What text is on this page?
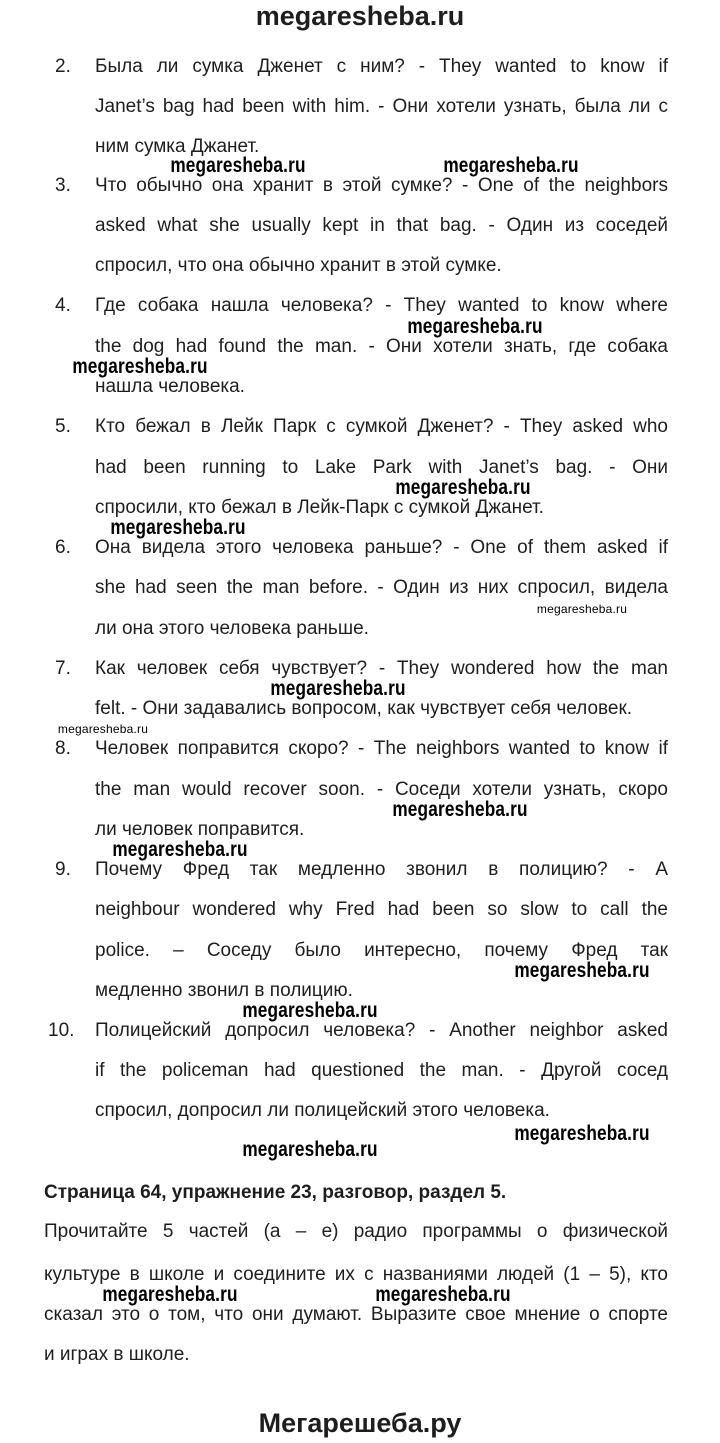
megaresheba.ru
2. Была ли сумка Дженет с ним? - They wanted to know if
Janet’s bag had been with him. - Они хотели узнать, была ли с
ним сумка Джанет.
3. Что обычно она хранит в этой сумке? - One of the neighbors
asked what she usually kept in that bag. - Один из соседей
спросил, что она обычно хранит в этой сумке.
4. Где собака нашла человека? - They wanted to know where
the dog had found the man. - Они хотели знать, где собака
нашла человека.
5. Кто бежал в Лейк Парк с сумкой Дженет? - They asked who
had been running to Lake Park with Janet’s bag. - Они
спросили, кто бежал в Лейк-Парк с сумкой Джанет.
6. Она видела этого человека раньше? - One of them asked if
she had seen the man before. - Один из них спросил, видела
ли она этого человека раньше.
7. Как человек себя чувствует? - They wondered how the man
felt. - Они задавались вопросом, как чувствует себя человек.
8. Человек поправится скоро? - The neighbors wanted to know if
the man would recover soon. - Соседи хотели узнать, скоро
ли человек поправится.
9. Почему Фред так медленно звонил в полицию? - A
neighbour wondered why Fred had been so slow to call the
police. – Соседу было интересно, почему Фред так
медленно звонил в полицию.
10. Полицейский допросил человека? - Another neighbor asked
if the policeman had questioned the man. - Другой сосед
спросил, допросил ли полицейский этого человека.
Страница 64, упражнение 23, разговор, раздел 5.
Прочитайте 5 частей (a – e) радио программы о физической
культуре в школе и соедините их с названиями людей (1 – 5), кто
сказал это о том, что они думают. Выразите свое мнение о спорте
и играх в школе.
megaresheba.ru	megaresheba.ru
megaresheba.ru
megaresheba.ru
megaresheba.ru
megaresheba.ru
megaresheba.ru
megaresheba.ru
megaresheba.ru
megaresheba.ru
megaresheba.ru
megaresheba.ru
megaresheba.ru
megaresheba.ru
megaresheba.ru
megaresheba.ru	megaresheba.ru
Мегарешеба.ру
